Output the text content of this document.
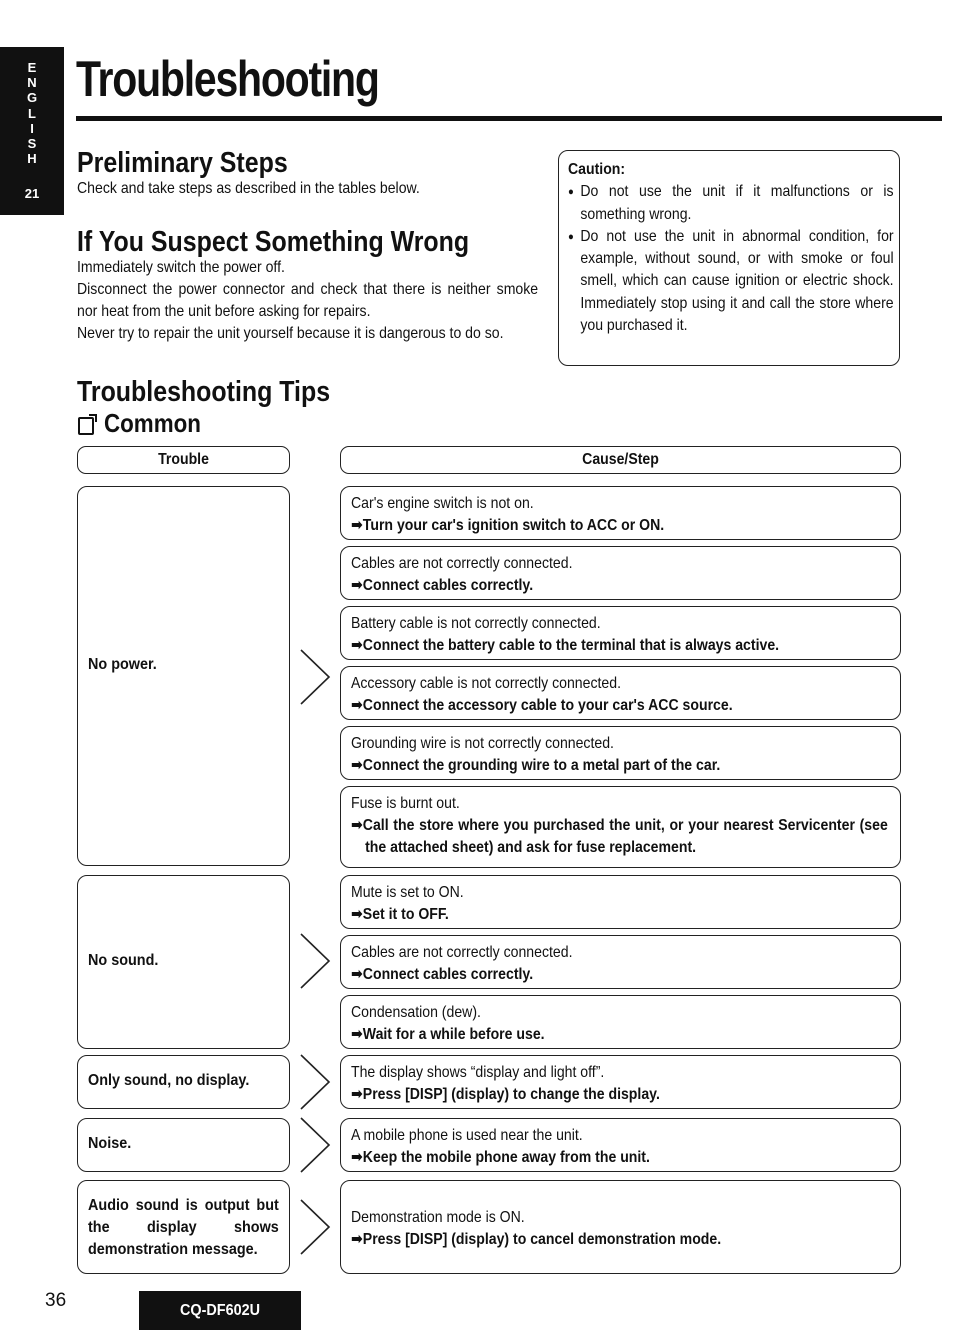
E
N
G
L
I
S
H
21
Troubleshooting
Preliminary Steps
Check and take steps as described in the tables below.
If You Suspect Something Wrong
Immediately switch the power off.
Disconnect the power connector and check that there is neither smoke nor heat from the unit before asking for repairs.
Never try to repair the unit yourself because it is dangerous to do so.
Caution:
● Do not use the unit if it malfunctions or is something wrong.
● Do not use the unit in abnormal condition, for example, without sound, or with smoke or foul smell, which can cause ignition or electric shock. Immediately stop using it and call the store where you purchased it.
Troubleshooting Tips
Common
Trouble	Cause/Step
No power.
Car's engine switch is not on.
➡Turn your car's ignition switch to ACC or ON.
Cables are not correctly connected.
➡Connect cables correctly.
Battery cable is not correctly connected.
➡Connect the battery cable to the terminal that is always active.
Accessory cable is not correctly connected.
➡Connect the accessory cable to your car's ACC source.
Grounding wire is not correctly connected.
➡Connect the grounding wire to a metal part of the car.
Fuse is burnt out.
➡Call the store where you purchased the unit, or your nearest Servicenter (see the attached sheet) and ask for fuse replacement.
No sound.
Mute is set to ON.
➡Set it to OFF.
Cables are not correctly connected.
➡Connect cables correctly.
Condensation (dew).
➡Wait for a while before use.
Only sound, no display.	The display shows “display and light off”.
➡Press [DISP] (display) to change the display.
Noise.	A mobile phone is used near the unit.
➡Keep the mobile phone away from the unit.
Audio sound is output but the display shows demonstration message.
Demonstration mode is ON.
➡Press [DISP] (display) to cancel demonstration mode.
36	CQ-DF602U
